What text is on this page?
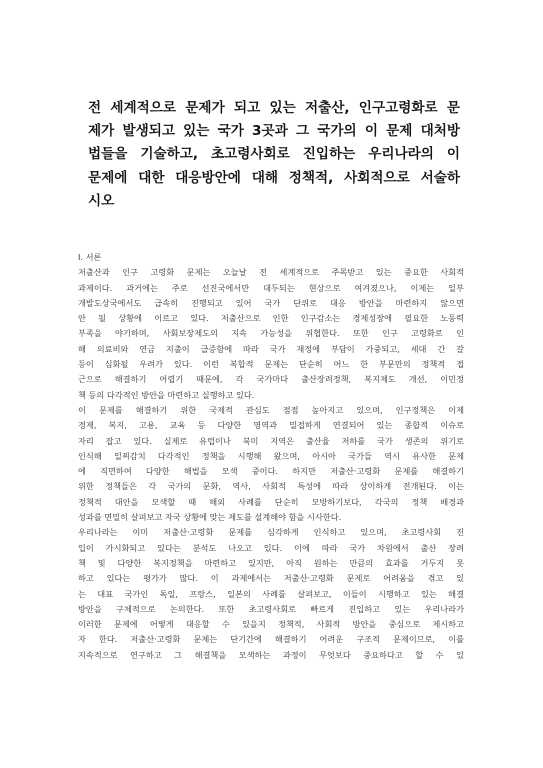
전 세계적으로 문제가 되고 있는 저출산, 인구고령화로 문
제가 발생되고 있는 국가 3곳과 그 국가의 이 문제 대처방
법들을 기술하고, 초고령사회로 진입하는 우리나라의 이
문제에 대한 대응방안에 대해 정책적, 사회적으로 서술하
시오
Ⅰ. 서론
저출산과 인구 고령화 문제는 오늘날 전 세계적으로 주목받고 있는 중요한 사회적
과제이다. 과거에는 주로 선진국에서만 대두되는 현상으로 여겨졌으나, 이제는 일부
개발도상국에서도 급속히 진행되고 있어 국가 단위로 대응 방안을 마련하지 않으면
안 될 상황에 이르고 있다. 저출산으로 인한 인구감소는 경제성장에 필요한 노동력
부족을 야기하며, 사회보장제도의 지속 가능성을 위협한다. 또한 인구 고령화로 인
해 의료비와 연금 지출이 급증함에 따라 국가 재정에 부담이 가중되고, 세대 간 갈
등이 심화될 우려가 있다. 이런 복합적 문제는 단순히 어느 한 부문만의 정책적 접
근으로 해결하기 어렵기 때문에, 각 국가마다 출산장려정책, 복지제도 개선, 이민정
책 등의 다각적인 방안을 마련하고 실행하고 있다.
이 문제를 해결하기 위한 국제적 관심도 점점 높아지고 있으며, 인구정책은 이제
경제, 복지, 고용, 교육 등 다양한 영역과 밀접하게 연결되어 있는 종합적 이슈로
자리 잡고 있다. 실제로 유럽이나 북미 지역은 출산율 저하를 국가 생존의 위기로
인식해 일찌감치 다각적인 정책을 시행해 왔으며, 아시아 국가들 역시 유사한 문제
에 직면하여 다양한 해법을 모색 중이다. 하지만 저출산·고령화 문제를 해결하기
위한 정책들은 각 국가의 문화, 역사, 사회적 특성에 따라 상이하게 전개된다. 이는
정책적 대안을 모색할 때 해외 사례를 단순히 모방하기보다, 각국의 정책 배경과
성과를 면밀히 살펴보고 자국 상황에 맞는 제도를 설계해야 함을 시사한다.
우리나라는 이미 저출산·고령화 문제를 심각하게 인식하고 있으며, 초고령사회 진
입이 가시화되고 있다는 분석도 나오고 있다. 이에 따라 국가 차원에서 출산 장려
책 및 다양한 복지정책을 마련하고 있지만, 아직 원하는 만큼의 효과를 거두지 못
하고 있다는 평가가 많다. 이 과제에서는 저출산·고령화 문제로 어려움을 겪고 있
는 대표 국가인 독일, 프랑스, 일본의 사례를 살펴보고, 이들이 시행하고 있는 해결
방안을 구체적으로 논의한다. 또한 초고령사회로 빠르게 진입하고 있는 우리나라가
이러한 문제에 어떻게 대응할 수 있을지 정책적, 사회적 방안을 중심으로 제시하고
자 한다. 저출산·고령화 문제는 단기간에 해결하기 어려운 구조적 문제이므로, 이를
지속적으로 연구하고 그 해결책을 모색하는 과정이 무엇보다 중요하다고 할 수 있
